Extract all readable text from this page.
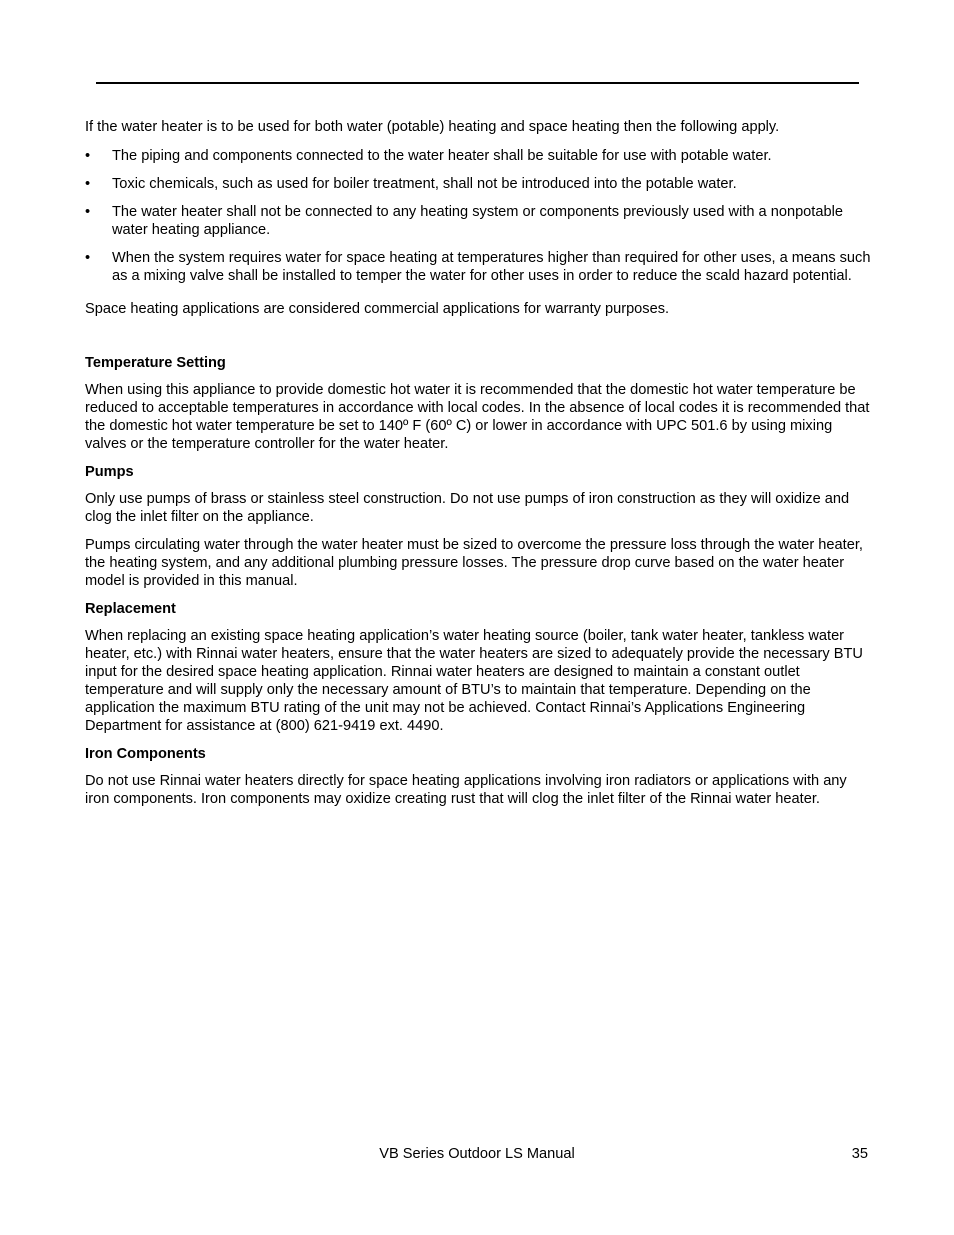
If the water heater is to be used for both water (potable) heating and space heating then the following apply.

• The piping and components connected to the water heater shall be suitable for use with potable water.
• Toxic chemicals, such as used for boiler treatment, shall not be introduced into the potable water.
• The water heater shall not be connected to any heating system or components previously used with a nonpotable water heating appliance.
• When the system requires water for space heating at temperatures higher than required for other uses, a means such as a mixing valve shall be installed to temper the water for other uses in order to reduce the scald hazard potential.

Space heating applications are considered commercial applications for warranty purposes.

Temperature Setting

When using this appliance to provide domestic hot water it is recommended that the domestic hot water temperature be reduced to acceptable temperatures in accordance with local codes. In the absence of local codes it is recommended that the domestic hot water temperature be set to 140º F (60º C) or lower in accordance with UPC 501.6 by using mixing valves or the temperature controller for the water heater.

Pumps

Only use pumps of brass or stainless steel construction. Do not use pumps of iron construction as they will oxidize and clog the inlet filter on the appliance.

Pumps circulating water through the water heater must be sized to overcome the pressure loss through the water heater, the heating system, and any additional plumbing pressure losses. The pressure drop curve based on the water heater model is provided in this manual.

Replacement

When replacing an existing space heating application’s water heating source (boiler, tank water heater, tankless water heater, etc.) with Rinnai water heaters, ensure that the water heaters are sized to adequately provide the necessary BTU input for the desired space heating application. Rinnai water heaters are designed to maintain a constant outlet temperature and will supply only the necessary amount of BTU’s to maintain that temperature. Depending on the application the maximum BTU rating of the unit may not be achieved. Contact Rinnai’s Applications Engineering Department for assistance at (800) 621-9419 ext. 4490.

Iron Components

Do not use Rinnai water heaters directly for space heating applications involving iron radiators or applications with any iron components. Iron components may oxidize creating rust that will clog the inlet filter of the Rinnai water heater.

VB Series Outdoor LS Manual	35
